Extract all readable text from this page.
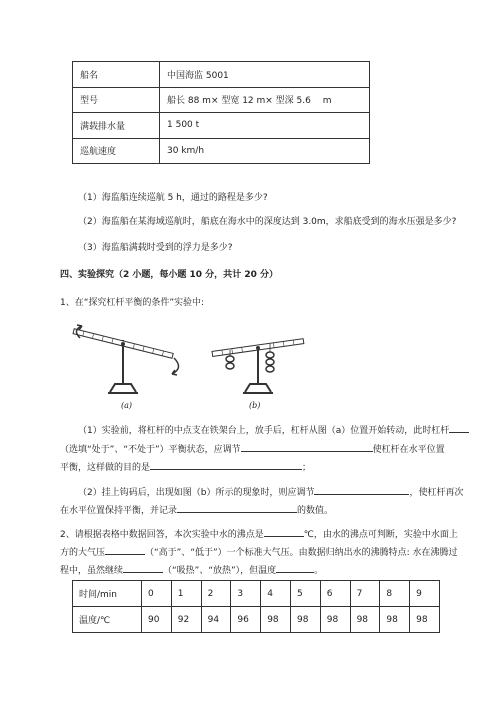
船名	中国海监 5001
型号	船长 88 m× 型宽 12 m× 型深 5.6　 m
满载排水量	1 500 t
巡航速度	30 km/h
（1）海监船连续巡航 5 h，通过的路程是多少?
（2）海监船在某海域巡航时，船底在海水中的深度达到 3.0m，求船底受到的海水压强是多少?
（3）海监船满载时受到的浮力是多少?
四、实验探究（2 小题，每小题 10 分，共计 20 分）
1、在“探究杠杆平衡的条件”实验中:
(a)	(b)
（1）实验前，将杠杆的中点支在铁架台上，放手后，杠杆从图（a）位置开始转动，此时杠杆
（选填“处于”、“不处于”）平衡状态，应调节	使杠杆在水平位置
平衡，这样做的目的是	；
（2）挂上钩码后，出现如图（b）所示的现象时，则应调节	，使杠杆再次
在水平位置保持平衡，并记录	的数值。
2、请根据表格中数据回答，本次实验中水的沸点是	℃，由水的沸点可判断，实验中水面上
方的大气压	（“高于”、“低于”）一个标准大气压。由数据归纳出水的沸腾特点: 水在沸腾过
程中，虽然继续	（“吸热”、“放热”），但温度	。
时间/min	0	1	2	3	4	5	6	7	8	9
温度/℃	90	92	94	96	98	98	98	98	98	98
